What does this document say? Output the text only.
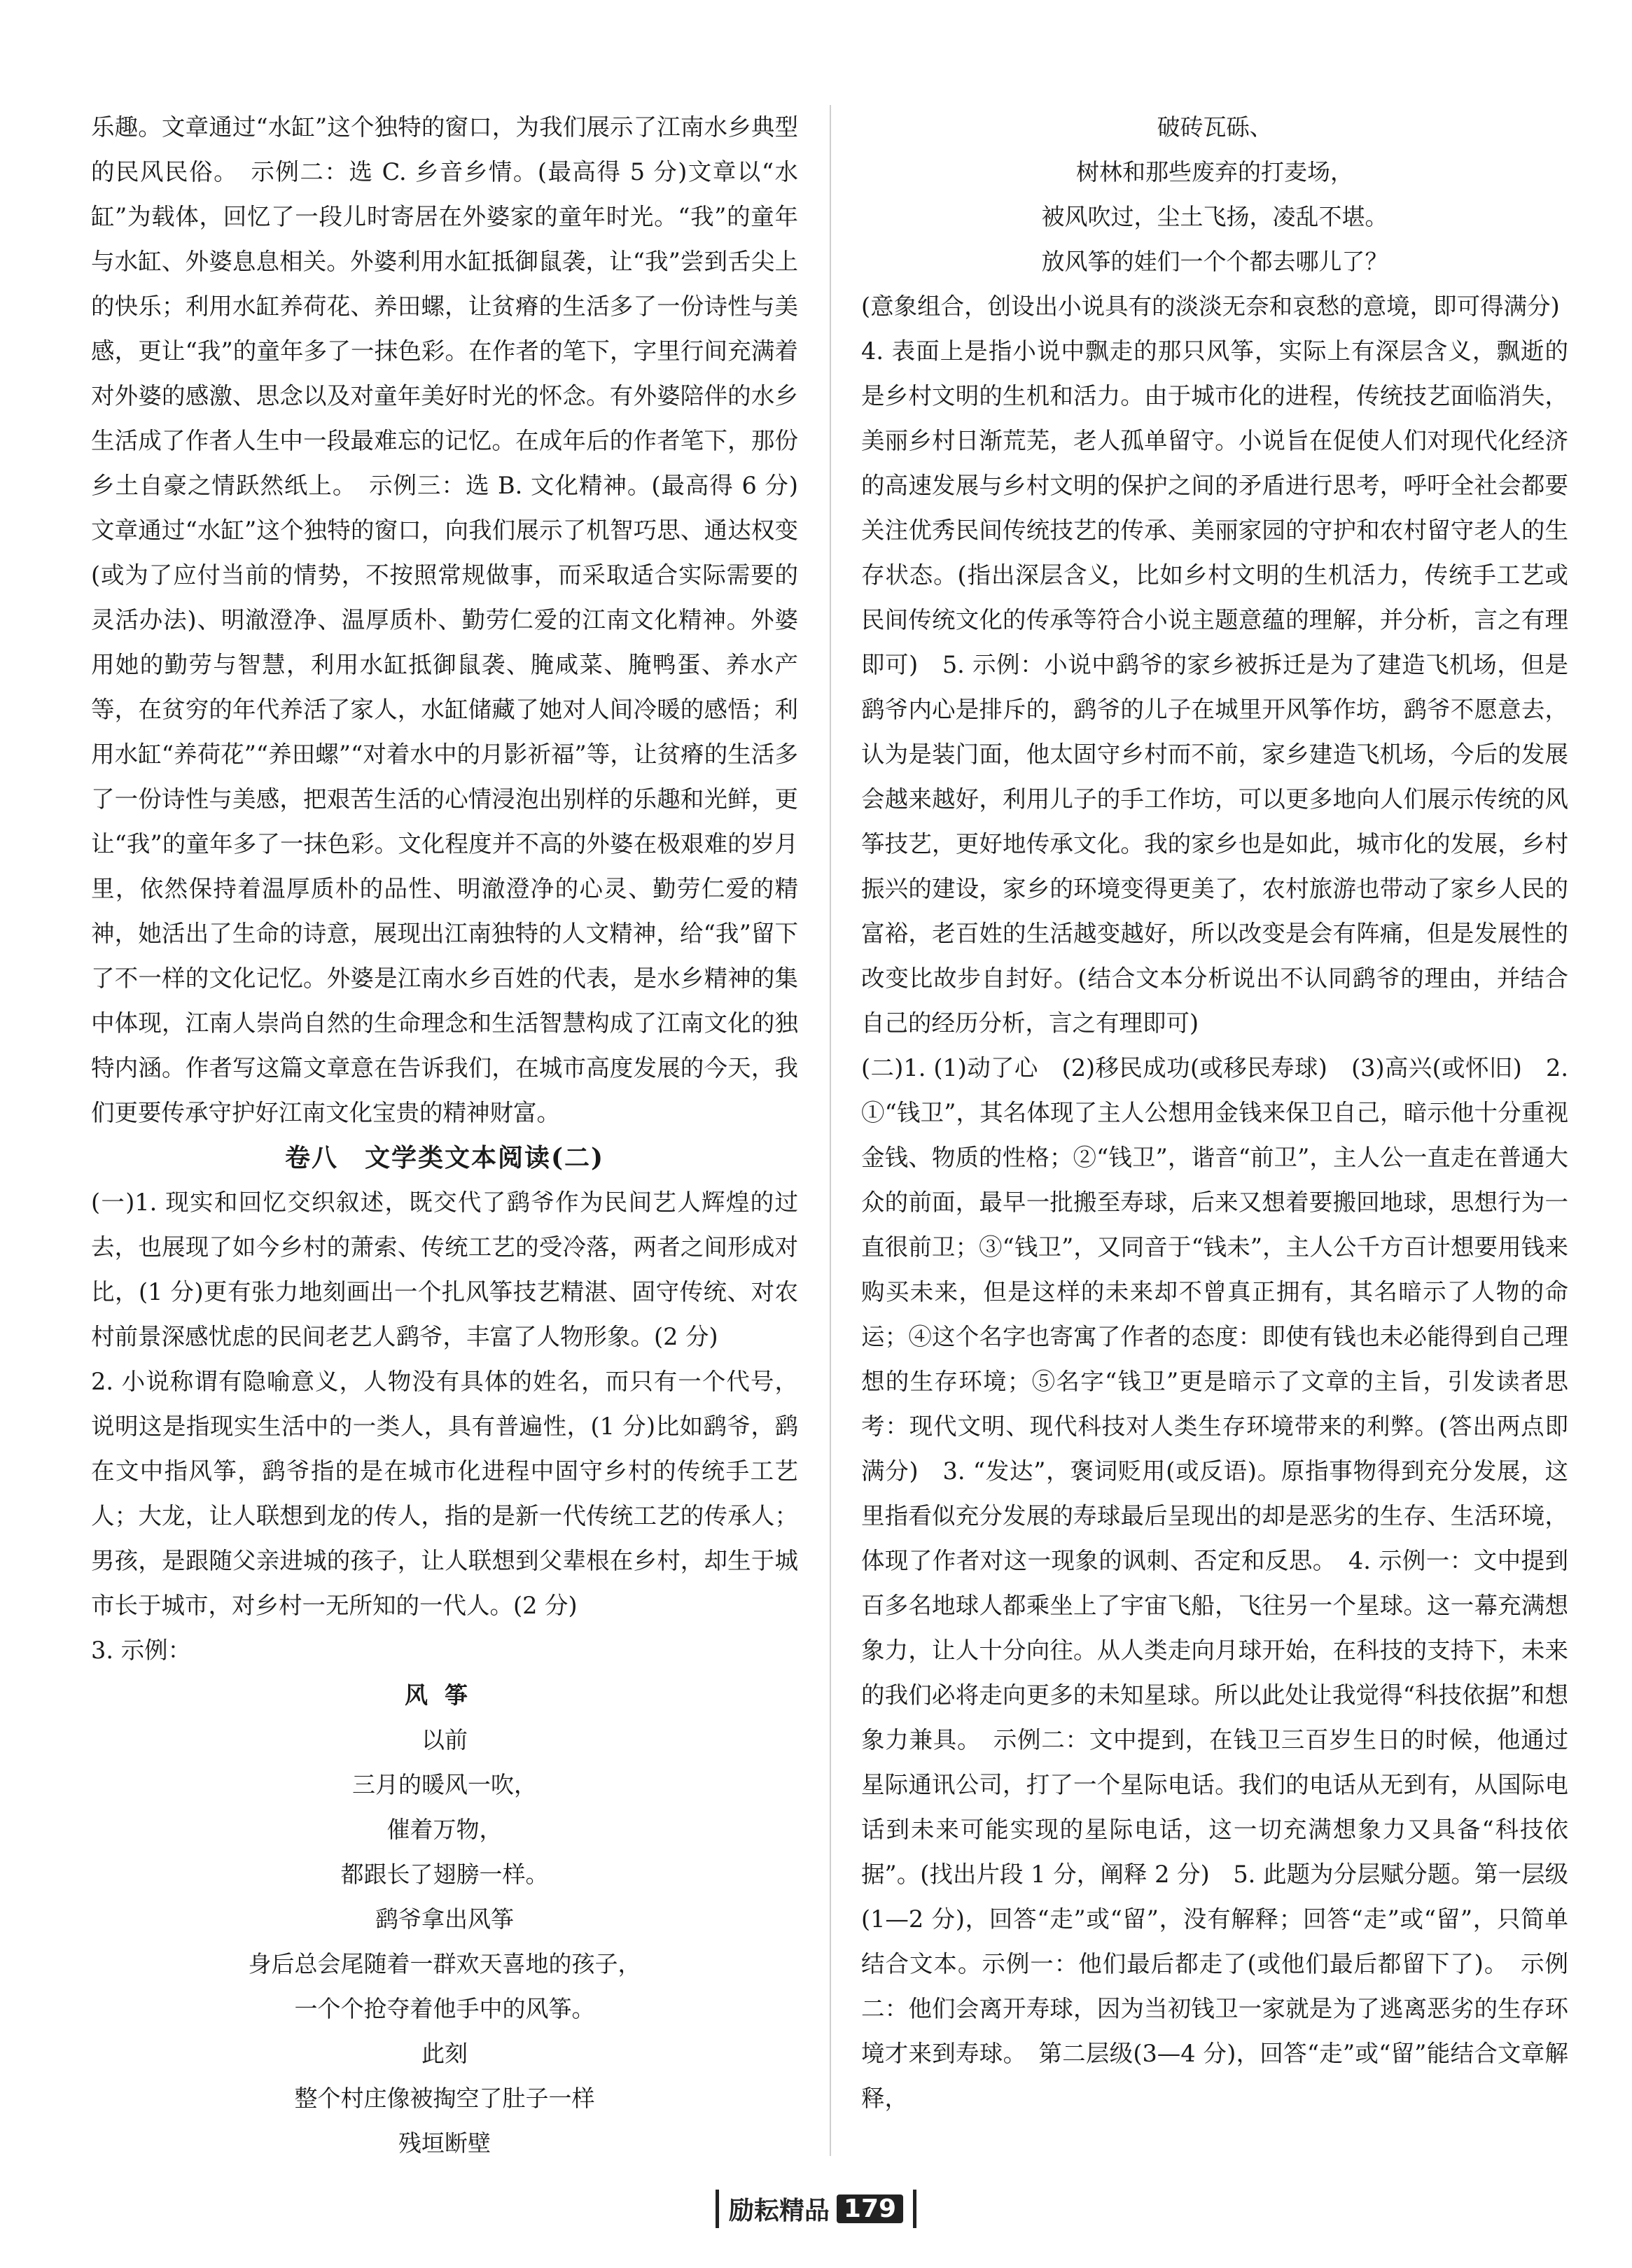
乐趣。文章通过“水缸”这个独特的窗口，为我们展示了江南水乡典型的民风民俗。　示例二：选 C. 乡音乡情。(最高得 5 分)文章以“水缸”为载体，回忆了一段儿时寄居在外婆家的童年时光。“我”的童年与水缸、外婆息息相关。外婆利用水缸抵御鼠袭，让“我”尝到舌尖上的快乐；利用水缸养荷花、养田螺，让贫瘠的生活多了一份诗性与美感，更让“我”的童年多了一抹色彩。在作者的笔下，字里行间充满着对外婆的感激、思念以及对童年美好时光的怀念。有外婆陪伴的水乡生活成了作者人生中一段最难忘的记忆。在成年后的作者笔下，那份乡土自豪之情跃然纸上。　示例三：选 B. 文化精神。(最高得 6 分)文章通过“水缸”这个独特的窗口，向我们展示了机智巧思、通达权变(或为了应付当前的情势，不按照常规做事，而采取适合实际需要的灵活办法)、明澈澄净、温厚质朴、勤劳仁爱的江南文化精神。外婆用她的勤劳与智慧，利用水缸抵御鼠袭、腌咸菜、腌鸭蛋、养水产等，在贫穷的年代养活了家人，水缸储藏了她对人间冷暖的感悟；利用水缸“养荷花”“养田螺”“对着水中的月影祈福”等，让贫瘠的生活多了一份诗性与美感，把艰苦生活的心情浸泡出别样的乐趣和光鲜，更让“我”的童年多了一抹色彩。文化程度并不高的外婆在极艰难的岁月里，依然保持着温厚质朴的品性、明澈澄净的心灵、勤劳仁爱的精神，她活出了生命的诗意，展现出江南独特的人文精神，给“我”留下了不一样的文化记忆。外婆是江南水乡百姓的代表，是水乡精神的集中体现，江南人崇尚自然的生命理念和生活智慧构成了江南文化的独特内涵。作者写这篇文章意在告诉我们，在城市高度发展的今天，我们更要传承守护好江南文化宝贵的精神财富。

卷八　文学类文本阅读(二)

(一)1. 现实和回忆交织叙述，既交代了鹞爷作为民间艺人辉煌的过去，也展现了如今乡村的萧索、传统工艺的受冷落，两者之间形成对比，(1 分)更有张力地刻画出一个扎风筝技艺精湛、固守传统、对农村前景深感忧虑的民间老艺人鹞爷，丰富了人物形象。(2 分)

2. 小说称谓有隐喻意义，人物没有具体的姓名，而只有一个代号，说明这是指现实生活中的一类人，具有普遍性，(1 分)比如鹞爷，鹞在文中指风筝，鹞爷指的是在城市化进程中固守乡村的传统手工艺人；大龙，让人联想到龙的传人，指的是新一代传统工艺的传承人；男孩，是跟随父亲进城的孩子，让人联想到父辈根在乡村，却生于城市长于城市，对乡村一无所知的一代人。(2 分)

3. 示例：

风筝
以前
三月的暖风一吹，
催着万物，
都跟长了翅膀一样。
鹞爷拿出风筝
身后总会尾随着一群欢天喜地的孩子，
一个个抢夺着他手中的风筝。
此刻
整个村庄像被掏空了肚子一样
残垣断壁
破砖瓦砾、
树林和那些废弃的打麦场，
被风吹过，尘土飞扬，凌乱不堪。
放风筝的娃们一个个都去哪儿了？

(意象组合，创设出小说具有的淡淡无奈和哀愁的意境，即可得满分)

4. 表面上是指小说中飘走的那只风筝，实际上有深层含义，飘逝的是乡村文明的生机和活力。由于城市化的进程，传统技艺面临消失，美丽乡村日渐荒芜，老人孤单留守。小说旨在促使人们对现代化经济的高速发展与乡村文明的保护之间的矛盾进行思考，呼吁全社会都要关注优秀民间传统技艺的传承、美丽家园的守护和农村留守老人的生存状态。(指出深层含义，比如乡村文明的生机活力，传统手工艺或民间传统文化的传承等符合小说主题意蕴的理解，并分析，言之有理即可)　5. 示例：小说中鹞爷的家乡被拆迁是为了建造飞机场，但是鹞爷内心是排斥的，鹞爷的儿子在城里开风筝作坊，鹞爷不愿意去，认为是装门面，他太固守乡村而不前，家乡建造飞机场，今后的发展会越来越好，利用儿子的手工作坊，可以更多地向人们展示传统的风筝技艺，更好地传承文化。我的家乡也是如此，城市化的发展，乡村振兴的建设，家乡的环境变得更美了，农村旅游也带动了家乡人民的富裕，老百姓的生活越变越好，所以改变是会有阵痛，但是发展性的改变比故步自封好。(结合文本分析说出不认同鹞爷的理由，并结合自己的经历分析，言之有理即可)

(二)1. (1)动了心　(2)移民成功(或移民寿球)　(3)高兴(或怀旧)　2. ①“钱卫”，其名体现了主人公想用金钱来保卫自己，暗示他十分重视金钱、物质的性格；②“钱卫”，谐音“前卫”，主人公一直走在普通大众的前面，最早一批搬至寿球，后来又想着要搬回地球，思想行为一直很前卫；③“钱卫”，又同音于“钱未”，主人公千方百计想要用钱来购买未来，但是这样的未来却不曾真正拥有，其名暗示了人物的命运；④这个名字也寄寓了作者的态度：即使有钱也未必能得到自己理想的生存环境；⑤名字“钱卫”更是暗示了文章的主旨，引发读者思考：现代文明、现代科技对人类生存环境带来的利弊。(答出两点即满分)　3. “发达”，褒词贬用(或反语)。原指事物得到充分发展，这里指看似充分发展的寿球最后呈现出的却是恶劣的生存、生活环境，体现了作者对这一现象的讽刺、否定和反思。　4. 示例一：文中提到百多名地球人都乘坐上了宇宙飞船，飞往另一个星球。这一幕充满想象力，让人十分向往。从人类走向月球开始，在科技的支持下，未来的我们必将走向更多的未知星球。所以此处让我觉得“科技依据”和想象力兼具。　示例二：文中提到，在钱卫三百岁生日的时候，他通过星际通讯公司，打了一个星际电话。我们的电话从无到有，从国际电话到未来可能实现的星际电话，这一切充满想象力又具备“科技依据”。(找出片段 1 分，阐释 2 分)　5. 此题为分层赋分题。第一层级(1—2 分)，回答“走”或“留”，没有解释；回答“走”或“留”，只简单结合文本。示例一：他们最后都走了(或他们最后都留下了)。　示例二：他们会离开寿球，因为当初钱卫一家就是为了逃离恶劣的生存环境才来到寿球。　第二层级(3—4 分)，回答“走”或“留”能结合文章解释，

励耘精品 179
